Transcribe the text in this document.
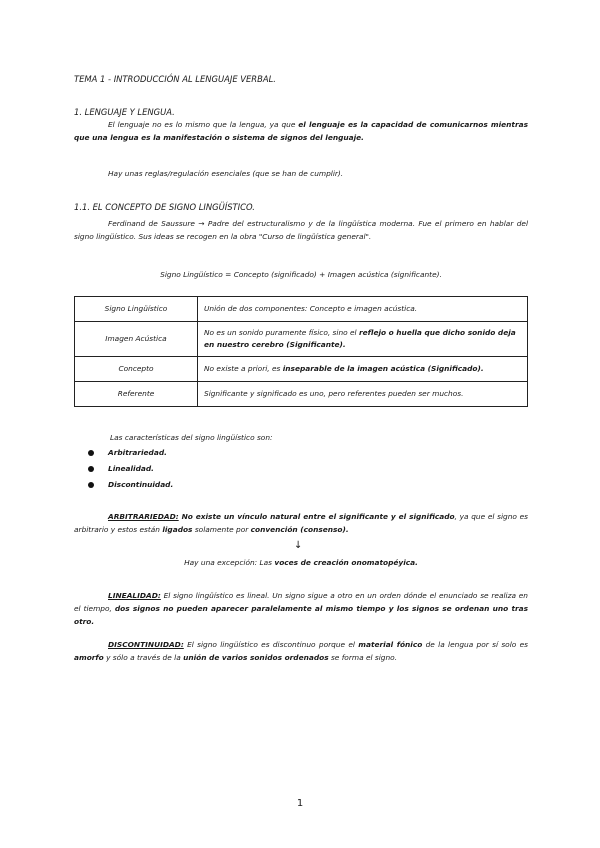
TEMA 1 - INTRODUCCIÓN AL LENGUAJE VERBAL.
1. LENGUAJE Y LENGUA.

El lenguaje no es lo mismo que la lengua, ya que el lenguaje es la capacidad de comunicarnos mientras que una lengua es la manifestación o sistema de signos del lenguaje.

Hay unas reglas/regulación esenciales (que se han de cumplir).

1.1. EL CONCEPTO DE SIGNO LINGÜÍSTICO.

Ferdinand de Saussure → Padre del estructuralismo y de la lingüística moderna. Fue el primero en hablar del signo lingüístico. Sus ideas se recogen en la obra "Curso de lingüística general".

Signo Lingüístico = Concepto (significado) + Imagen acústica (significante).
Signo Lingüístico	Unión de dos componentes: Concepto e imagen acústica.
Imagen Acústica	No es un sonido puramente físico, sino el reflejo o huella que dicho sonido deja en nuestro cerebro (Significante).
Concepto	No existe a priori, es inseparable de la imagen acústica (Significado).
Referente	Significante y significado es uno, pero referentes pueden ser muchos.
Las características del signo lingüístico son:
Arbitrariedad.
Linealidad.
Discontinuidad.

ARBITRARIEDAD: No existe un vínculo natural entre el significante y el significado, ya que el signo es arbitrario y estos están ligados solamente por convención (consenso).

↓
Hay una excepción: Las voces de creación onomatopéyica.

LINEALIDAD: El signo lingüístico es lineal. Un signo sigue a otro en un orden dónde el enunciado se realiza en el tiempo, dos signos no pueden aparecer paralelamente al mismo tiempo y los signos se ordenan uno tras otro.

DISCONTINUIDAD: El signo lingüístico es discontinuo porque el material fónico de la lengua por sí solo es amorfo y sólo a través de la unión de varios sonidos ordenados se forma el signo.

1
